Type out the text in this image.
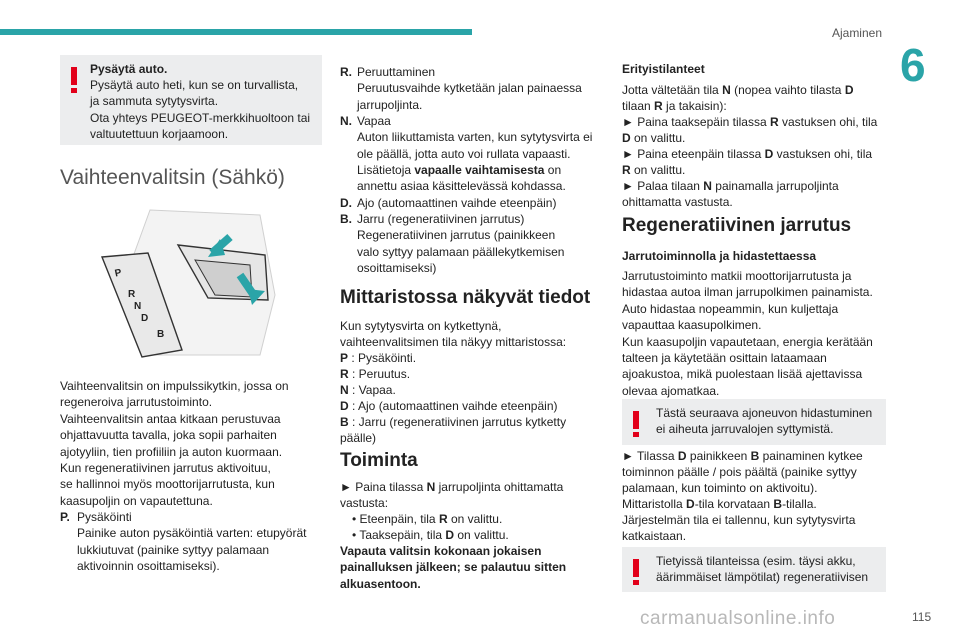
Ajaminen
6
Pysäytä auto.
Pysäytä auto heti, kun se on turvallista,
ja sammuta sytytysvirta.
Ota yhteys PEUGEOT-merkkihuoltoon tai
valtuutettuun korjaamoon.
Vaihteenvalitsin (Sähkö)
P
R
N
D
B
Vaihteenvalitsin on impulssikytkin, jossa on
regeneroiva jarrutustoiminto.
Vaihteenvalitsin antaa kitkaan perustuvaa
ohjattavuutta tavalla, joka sopii parhaiten
ajotyyliin, tien profiiliin ja auton kuormaan.
Kun regeneratiivinen jarrutus aktivoituu,
se hallinnoi myös moottorijarrutusta, kun
kaasupoljin on vapautettuna.
P. Pysäköinti
Painike auton pysäköintiä varten: etupyörät
lukkiutuvat (painike syttyy palamaan
aktivoinnin osoittamiseksi).
R. Peruuttaminen
Peruutusvaihde kytketään jalan painaessa
jarrupoljinta.
N. Vapaa
Auton liikuttamista varten, kun sytytysvirta ei
ole päällä, jotta auto voi rullata vapaasti.
Lisätietoja vapaalle vaihtamisesta on
annettu asiaa käsittelevässä kohdassa.
D. Ajo (automaattinen vaihde eteenpäin)
B. Jarru (regeneratiivinen jarrutus)
Regeneratiivinen jarrutus (painikkeen
valo syttyy palamaan päällekytkemisen
osoittamiseksi)
Mittaristossa näkyvät tiedot
Kun sytytysvirta on kytkettynä,
vaihteenvalitsimen tila näkyy mittaristossa:
P : Pysäköinti.
R : Peruutus.
N : Vapaa.
D : Ajo (automaattinen vaihde eteenpäin)
B : Jarru (regeneratiivinen jarrutus kytketty
päälle)
Toiminta
► Paina tilassa N jarrupoljinta ohittamatta
vastusta:
• Eteenpäin, tila R on valittu.
• Taaksepäin, tila D on valittu.
Vapauta valitsin kokonaan jokaisen
painalluksen jälkeen; se palautuu sitten
alkuasentoon.
Erityistilanteet
Jotta vältetään tila N (nopea vaihto tilasta D
tilaan R ja takaisin):
► Paina taaksepäin tilassa R vastuksen ohi, tila
D on valittu.
► Paina eteenpäin tilassa D vastuksen ohi, tila
R on valittu.
► Palaa tilaan N painamalla jarrupoljinta
ohittamatta vastusta.
Regeneratiivinen jarrutus
Jarrutoiminnolla ja hidastettaessa
Jarrutustoiminto matkii moottorijarrutusta ja
hidastaa autoa ilman jarrupolkimen painamista.
Auto hidastaa nopeammin, kun kuljettaja
vapauttaa kaasupolkimen.
Kun kaasupoljin vapautetaan, energia kerätään
talteen ja käytetään osittain lataamaan
ajoakustoa, mikä puolestaan lisää ajettavissa
olevaa ajomatkaa.
Tästä seuraava ajoneuvon hidastuminen
ei aiheuta jarruvalojen syttymistä.
► Tilassa D painikkeen B painaminen kytkee
toiminnon päälle / pois päältä (painike syttyy
palamaan, kun toiminto on aktivoitu).
Mittaristolla D-tila korvataan B-tilalla.
Järjestelmän tila ei tallennu, kun sytytysvirta
katkaistaan.
Tietyissä tilanteissa (esim. täysi akku,
äärimmäiset lämpötilat) regeneratiivisen
carmanualsonline.info	115
